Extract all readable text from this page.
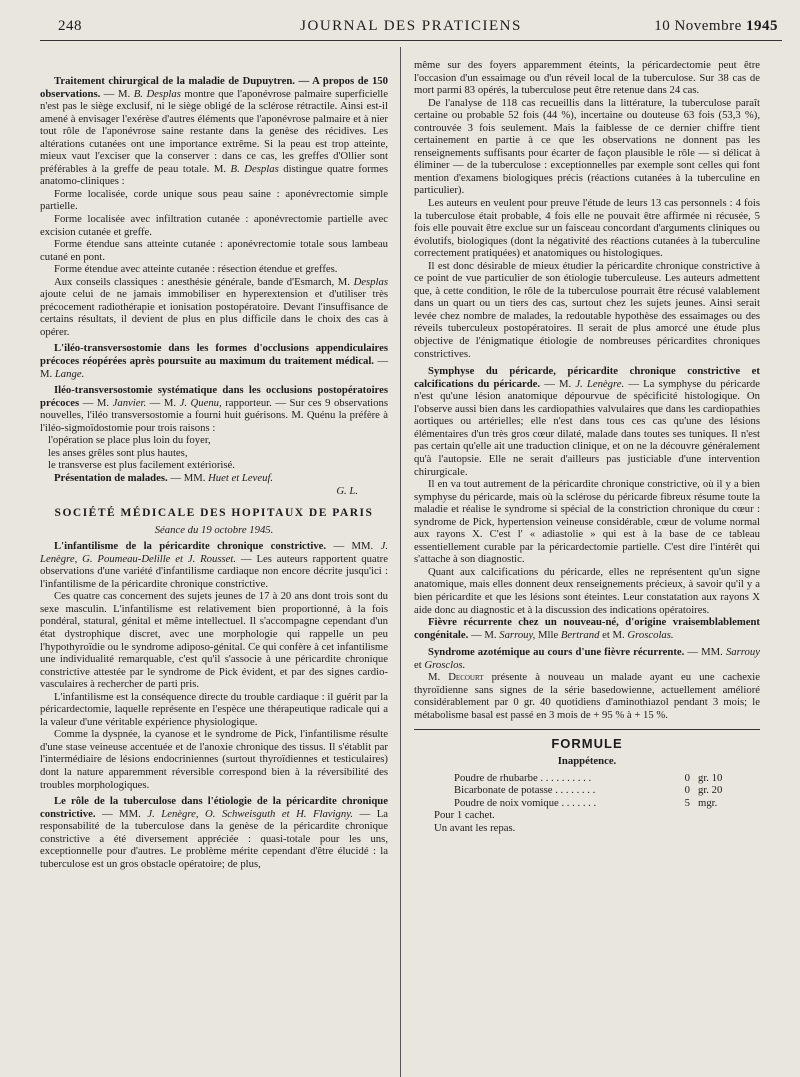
248	JOURNAL DES PRATICIENS	10 Novembre 1945

Traitement chirurgical de la maladie de Dupuytren. — A propos de 150 observations. — M. B. Desplas montre que l'aponévrose palmaire superficielle n'est pas le siège exclusif, ni le siège obligé de la sclérose rétractile. Ainsi est-il amené à envisager l'exérèse d'autres éléments que l'aponévrose palmaire et à nier tout rôle de l'aponévrose saine restante dans la genèse des récidives. Les altérations cutanées ont une importance extrême. Si la peau est trop atteinte, mieux vaut l'exciser que la conserver : dans ce cas, les greffes d'Ollier sont préférables à la greffe de peau totale. M. B. Desplas distingue quatre formes anatomo-cliniques :

Forme localisée, corde unique sous peau saine : aponévrectomie simple partielle.

Forme localisée avec infiltration cutanée : aponévrectomie partielle avec excision cutanée et greffe.

Forme étendue sans atteinte cutanée : aponévrectomie totale sous lambeau cutané en pont.

Forme étendue avec atteinte cutanée : résection étendue et greffes.

Aux conseils classiques : anesthésie générale, bande d'Esmarch, M. Desplas ajoute celui de ne jamais immobiliser en hyperextension et d'utiliser très précocement radiothérapie et ionisation postopératoire. Devant l'insuffisance de certains résultats, il devient de plus en plus difficile dans le choix des cas à opérer.

L'iléo-transversostomie dans les formes d'occlusions appendiculaires précoces réopérées après poursuite au maximum du traitement médical. — M. Lange.

Iléo-transversostomie systématique dans les occlusions postopératoires précoces — M. Janvier. — M. J. Quenu, rapporteur. — Sur ces 9 observations nouvelles, l'iléo transversostomie a fourni huit guérisons. M. Quénu la préfère à l'iléo-sigmoïdostomie pour trois raisons :

l'opération se place plus loin du foyer,

les anses grêles sont plus hautes,

le transverse est plus facilement extériorisé.

Présentation de malades. — MM. Huet et Leveuf.

G. L.
SOCIÉTÉ MÉDICALE DES HOPITAUX DE PARIS
Séance du 19 octobre 1945.

L'infantilisme de la péricardite chronique constrictive. — MM. J. Lenègre, G. Poumeau-Delille et J. Rousset. — Les auteurs rapportent quatre observations d'une variété d'infantilisme cardiaque non encore décrite jusqu'ici : l'infantilisme de la péricardite chronique constrictive.

Ces quatre cas concernent des sujets jeunes de 17 à 20 ans dont trois sont du sexe masculin. L'infantilisme est relativement bien proportionné, à la fois pondéral, statural, génital et même intellectuel. Il s'accompagne cependant d'un état dystrophique discret, avec une morphologie qui rappelle un peu l'hypothyroïdie ou le syndrome adiposo-génital. Ce qui confère à cet infantilisme une individualité remarquable, c'est qu'il s'associe à une péricardite chronique constrictive attestée par le syndrome de Pick évident, et par des signes cardio-vasculaires à rechercher de parti pris.

L'infantilisme est la conséquence directe du trouble cardiaque : il guérit par la péricardectomie, laquelle représente en l'espèce une thérapeutique radicale qui a la valeur d'une véritable expérience physiologique.

Comme la dyspnée, la cyanose et le syndrome de Pick, l'infantilisme résulte d'une stase veineuse accentuée et de l'anoxie chronique des tissus. Il s'établit par l'intermédiaire de lésions endocriniennes (surtout thyroïdiennes et testiculaires) dont la nature apparemment réversible correspond bien à la réversibilité des troubles morphologiques.

Le rôle de la tuberculose dans l'étiologie de la péricardite chronique constrictive. — MM. J. Lenègre, O. Schweisguth et H. Flavigny. — La responsabilité de la tuberculose dans la genèse de la péricardite chronique constrictive a été diversement appréciée : quasi-totale pour les uns, exceptionnelle pour d'autres. Le problème mérite cependant d'être élucidé : la tuberculose est un gros obstacle opératoire; de plus,

même sur des foyers apparemment éteints, la péricardectomie peut être l'occasion d'un essaimage ou d'un réveil local de la tuberculose. Sur 38 cas de mort parmi 83 opérés, la tuberculose peut être retenue dans 24 cas.

De l'analyse de 118 cas recueillis dans la littérature, la tuberculose paraît certaine ou probable 52 fois (44 %), incertaine ou douteuse 63 fois (53,3 %), controuvée 3 fois seulement. Mais la faiblesse de ce dernier chiffre tient certainement en partie à ce que les observations ne donnent pas les renseignements suffisants pour écarter de façon plausible le rôle — si délicat à éliminer — de la tuberculose : exceptionnelles par exemple sont celles qui font mention d'examens biologiques précis (réactions cutanées à la tuberculine en particulier).

Les auteurs en veulent pour preuve l'étude de leurs 13 cas personnels : 4 fois la tuberculose était probable, 4 fois elle ne pouvait être affirmée ni récusée, 5 fois elle pouvait être exclue sur un faisceau concordant d'arguments cliniques ou évolutifs, biologiques (dont la négativité des réactions cutanées à la tuberculine correctement pratiquées) et anatomiques ou histologiques.

Il est donc désirable de mieux étudier la péricardite chronique constrictive à ce point de vue particulier de son étiologie tuberculeuse. Les auteurs admettent que, à cette condition, le rôle de la tuberculose pourrait être récusé valablement dans un quart ou un tiers des cas, surtout chez les sujets jeunes. Ainsi serait levée chez nombre de malades, la redoutable hypothèse des essaimages ou des réveils tuberculeux postopératoires. Il serait de plus amorcé une étude plus objective de l'énigmatique étiologie de nombreuses péricardites chroniques constrictives.

Symphyse du péricarde, péricardite chronique constrictive et calcifications du péricarde. — M. J. Lenègre. — La symphyse du péricarde n'est qu'une lésion anatomique dépourvue de spécificité histologique. On l'observe aussi bien dans les cardiopathies valvulaires que dans les cardiopathies aortiques ou artérielles; elle n'est dans tous ces cas qu'une des lésions élémentaires d'un très gros cœur dilaté, malade dans toutes ses tuniques. Il n'est pas certain qu'elle ait une traduction clinique, et on ne la découvre généralement qu'à l'autopsie. Elle ne serait d'ailleurs pas justiciable d'une intervention chirurgicale.

Il en va tout autrement de la péricardite chronique constrictive, où il y a bien symphyse du péricarde, mais où la sclérose du péricarde fibreux résume toute la maladie et réalise le syndrome si spécial de la constriction chronique du cœur : syndrome de Pick, hypertension veineuse considérable, cœur de volume normal aux rayons X. C'est l' « adiastolie » qui est à la base de ce tableau essentiellement curable par la péricardectomie partielle. C'est dire l'intérêt qui s'attache à son diagnostic.

Quant aux calcifications du péricarde, elles ne représentent qu'un signe anatomique, mais elles donnent deux renseignements précieux, à savoir qu'il y a bien péricardite et que les lésions sont éteintes. Leur constatation aux rayons X aide donc au diagnostic et à la discussion des indications opératoires.

Fièvre récurrente chez un nouveau-né, d'origine vraisemblablement congénitale. — M. Sarrouy, Mlle Bertrand et M. Groscolas.

Syndrome azotémique au cours d'une fièvre récurrente. — MM. Sarrouy et Grosclos.

M. Decourt présente à nouveau un malade ayant eu une cachexie thyroïdienne sans signes de la série basedowienne, actuellement amélioré considérablement par 0 gr. 40 quotidiens d'aminothiazol pendant 3 mois; le métabolisme basal est passé en 3 mois de + 95 % à + 15 %.

FORMULE
Inappétence.
Poudre de rhubarbe . . . . . . . . . .	0 gr. 10
Bicarbonate de potasse . . . . . . . .	0 gr. 20
Poudre de noix vomique . . . . . . .	5 mgr.
Pour 1 cachet.
Un avant les repas.
